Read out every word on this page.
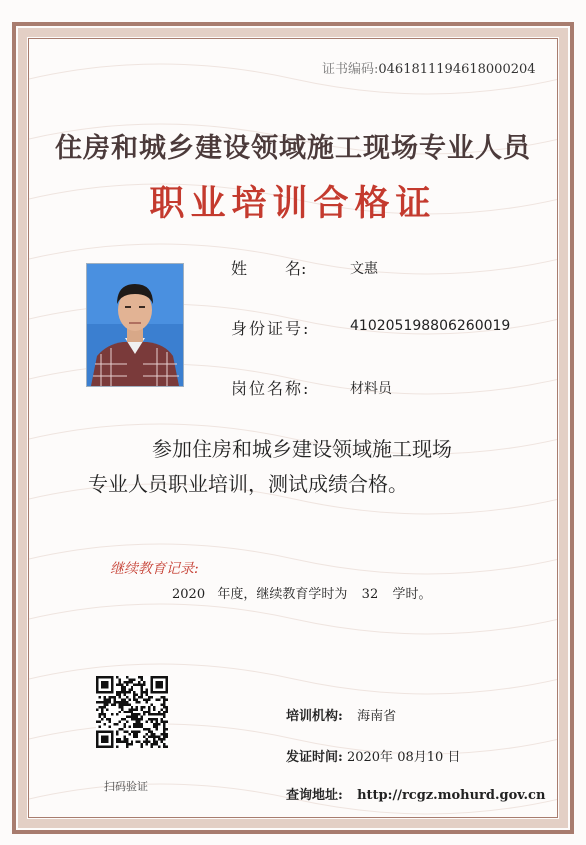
证书编码:0461811194618000204
住房和城乡建设领域施工现场专业人员
职业培训合格证
姓 名:	文惠
身份证号:	410205198806260019
岗位名称:	材料员
参加住房和城乡建设领域施工现场
专业人员职业培训，测试成绩合格。
继续教育记录:
2020 年度，继续教育学时为 32 学时。
扫码验证
培训机构: 海南省
发证时间: 2020年 08月10 日
查询地址: http://rcgz.mohurd.gov.cn
